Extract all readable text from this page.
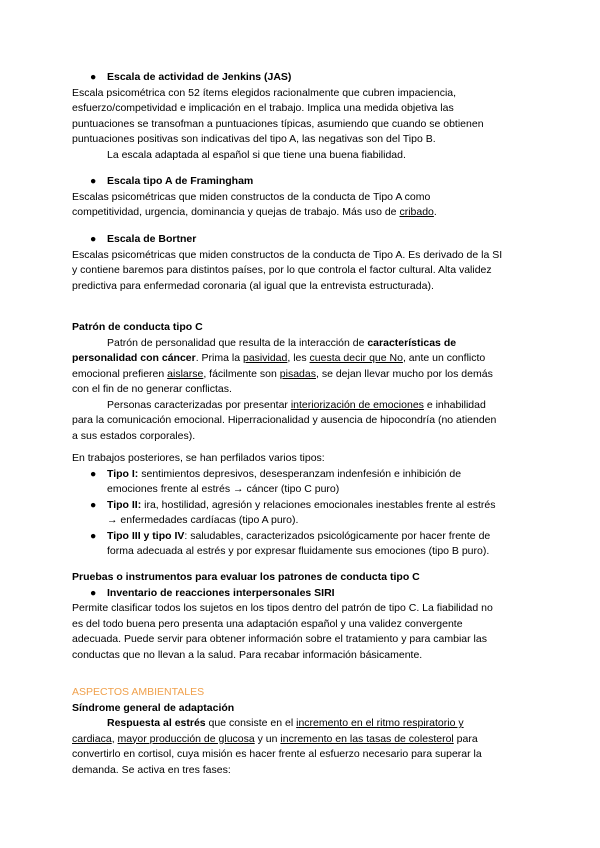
● Escala de actividad de Jenkins (JAS)
Escala psicométrica con 52 ítems elegidos racionalmente que cubren impaciencia,
esfuerzo/competividad e implicación en el trabajo. Implica una medida objetiva las
puntuaciones se transofman a puntuaciones típicas, asumiendo que cuando se obtienen
puntuaciones positivas son indicativas del tipo A, las negativas son del Tipo B.
La escala adaptada al español si que tiene una buena fiabilidad.
● Escala tipo A de Framingham
Escalas psicométricas que miden constructos de la conducta de Tipo A como
competitividad, urgencia, dominancia y quejas de trabajo. Más uso de cribado.
● Escala de Bortner
Escalas psicométricas que miden constructos de la conducta de Tipo A. Es derivado de la SI
y contiene baremos para distintos países, por lo que controla el factor cultural. Alta validez
predictiva para enfermedad coronaria (al igual que la entrevista estructurada).
Patrón de conducta tipo C
Patrón de personalidad que resulta de la interacción de características de
personalidad con cáncer. Prima la pasividad, les cuesta decir que No, ante un conflicto
emocional prefieren aislarse, fácilmente son pisadas, se dejan llevar mucho por los demás
con el fin de no generar conflictas.
Personas caracterizadas por presentar interiorización de emociones e inhabilidad
para la comunicación emocional. Hiperracionalidad y ausencia de hipocondría (no atienden
a sus estados corporales).
En trabajos posteriores, se han perfilados varios tipos:
● Tipo I: sentimientos depresivos, desesperanzam indenfesión e inhibición de
emociones frente al estrés → cáncer (tipo C puro)
● Tipo II: ira, hostilidad, agresión y relaciones emocionales inestables frente al estrés
→ enfermedades cardíacas (tipo A puro).
● Tipo III y tipo IV: saludables, caracterizados psicológicamente por hacer frente de
forma adecuada al estrés y por expresar fluidamente sus emociones (tipo B puro).
Pruebas o instrumentos para evaluar los patrones de conducta tipo C
● Inventario de reacciones interpersonales SIRI
Permite clasificar todos los sujetos en los tipos dentro del patrón de tipo C. La fiabilidad no
es del todo buena pero presenta una adaptación español y una validez convergente
adecuada. Puede servir para obtener información sobre el tratamiento y para cambiar las
conductas que no llevan a la salud. Para recabar información básicamente.
ASPECTOS AMBIENTALES
Síndrome general de adaptación
Respuesta al estrés que consiste en el incremento en el ritmo respiratorio y
cardiaca, mayor producción de glucosa y un incremento en las tasas de colesterol para
convertirlo en cortisol, cuya misión es hacer frente al esfuerzo necesario para superar la
demanda. Se activa en tres fases:
